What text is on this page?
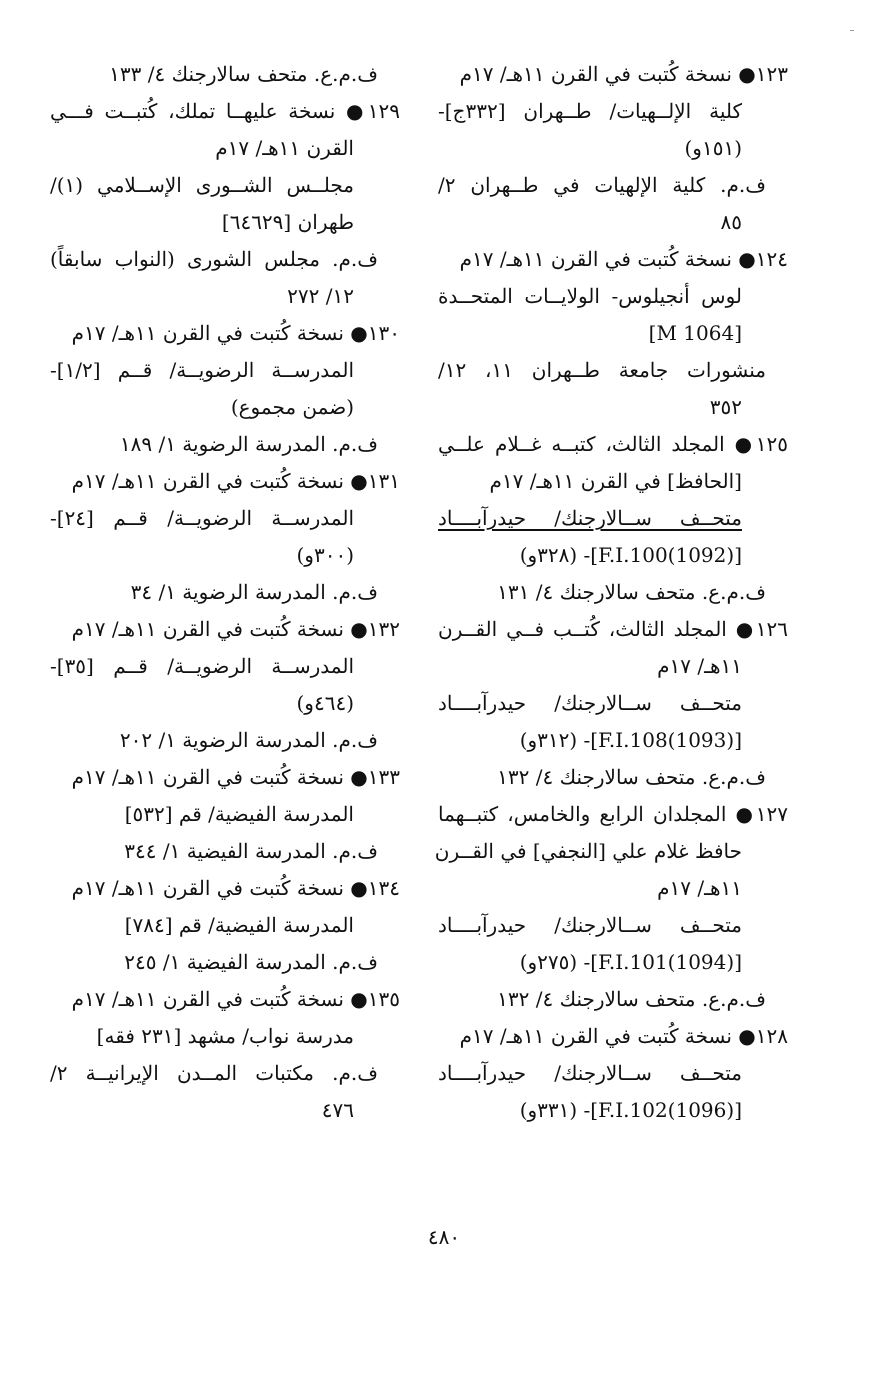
١٢٣● نسخة كُتبت في القرن ١١هـ/ ١٧م
كلية الإلــهيات/ طــهران [٣٣٢ج]-
(١٥١و)
ف.م. كلية الإلهيات في طــهران ٢/
٨٥
١٢٤● نسخة كُتبت في القرن ١١هـ/ ١٧م
لوس أنجيلوس- الولايــات المتحــدة
[M 1064]
منشورات جامعة طــهران ١١، ١٢/
٣٥٢
١٢٥● المجلد الثالث، كتبــه غــلام علــي
[الحافظ] في القرن ١١هـ/ ١٧م
متحــف ســالارجنك/ حيدرآبــــاد
[F.I.100(1092)]- (٣٢٨و)
ف.م.ع. متحف سالارجنك ٤/ ١٣١
١٢٦● المجلد الثالث، كُتــب فــي القــرن
١١هـ/ ١٧م
متحــف ســالارجنك/ حيدرآبــــاد
[F.I.108(1093)]- (٣١٢و)
ف.م.ع. متحف سالارجنك ٤/ ١٣٢
١٢٧● المجلدان الرابع والخامس، كتبــهما
حافظ غلام علي [النجفي] في القــرن
١١هـ/ ١٧م
متحــف ســالارجنك/ حيدرآبــــاد
[F.I.101(1094)]- (٢٧٥و)
ف.م.ع. متحف سالارجنك ٤/ ١٣٢
١٢٨● نسخة كُتبت في القرن ١١هـ/ ١٧م
متحــف ســالارجنك/ حيدرآبــــاد
[F.I.102(1096)]- (٣٣١و)
ف.م.ع. متحف سالارجنك ٤/ ١٣٣
١٢٩● نسخة عليهــا تملك، كُتبــت فـــي
القرن ١١هـ/ ١٧م
مجلــس الشــورى الإســلامي (١)/
طهران [٦٤٦٢٩]
ف.م. مجلس الشورى (النواب سابقاً)
١٢/ ٢٧٢
١٣٠● نسخة كُتبت في القرن ١١هـ/ ١٧م
المدرســة الرضويــة/ قــم [١/٢]-
(ضمن مجموع)
ف.م. المدرسة الرضوية ١/ ١٨٩
١٣١● نسخة كُتبت في القرن ١١هـ/ ١٧م
المدرســة الرضويــة/ قــم [٢٤]-
(٣٠٠و)
ف.م. المدرسة الرضوية ١/ ٣٤
١٣٢● نسخة كُتبت في القرن ١١هـ/ ١٧م
المدرســة الرضويــة/ قــم [٣٥]-
(٤٦٤و)
ف.م. المدرسة الرضوية ١/ ٢٠٢
١٣٣● نسخة كُتبت في القرن ١١هـ/ ١٧م
المدرسة الفيضية/ قم [٥٣٢]
ف.م. المدرسة الفيضية ١/ ٣٤٤
١٣٤● نسخة كُتبت في القرن ١١هـ/ ١٧م
المدرسة الفيضية/ قم [٧٨٤]
ف.م. المدرسة الفيضية ١/ ٢٤٥
١٣٥● نسخة كُتبت في القرن ١١هـ/ ١٧م
مدرسة نواب/ مشهد [٢٣١ فقه]
ف.م. مكتبات المــدن الإيرانيــة ٢/
٤٧٦
٤٨٠
